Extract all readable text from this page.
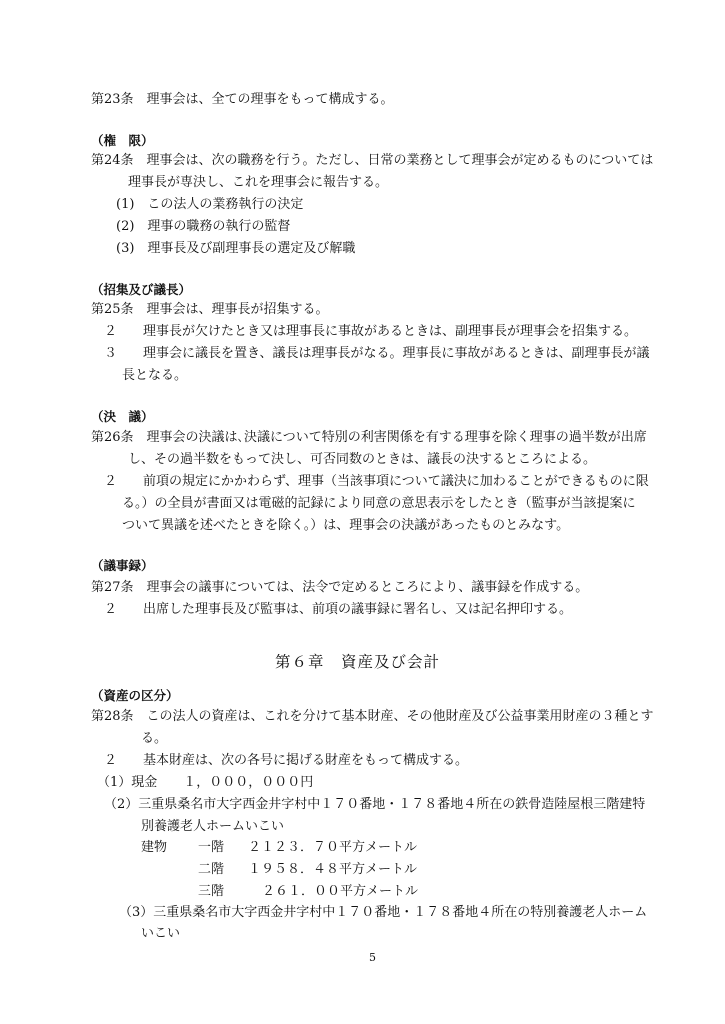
第23条　理事会は、全ての理事をもって構成する。
（権　限）
第24条　理事会は、次の職務を行う。ただし、日常の業務として理事会が定めるものについては
理事長が専決し、これを理事会に報告する。
(1)　この法人の業務執行の決定
(2)　理事の職務の執行の監督
(3)　理事長及び副理事長の選定及び解職
（招集及び議長）
第25条　理事会は、理事長が招集する。
２　　理事長が欠けたとき又は理事長に事故があるときは、副理事長が理事会を招集する。
３　　理事会に議長を置き、議長は理事長がなる。理事長に事故があるときは、副理事長が議
長となる。
（決　議）
第26条　理事会の決議は､決議について特別の利害関係を有する理事を除く理事の過半数が出席
し、その過半数をもって決し、可否同数のときは、議長の決するところによる。
２　　前項の規定にかかわらず、理事（当該事項について議決に加わることができるものに限
る。）の全員が書面又は電磁的記録により同意の意思表示をしたとき（監事が当該提案に
ついて異議を述べたときを除く。）は、理事会の決議があったものとみなす。
（議事録）
第27条　理事会の議事については、法令で定めるところにより、議事録を作成する。
２　　出席した理事長及び監事は、前項の議事録に署名し、又は記名押印する。
第６章　資産及び会計
（資産の区分）
第28条　この法人の資産は、これを分けて基本財産、その他財産及び公益事業用財産の３種とす
る。
２　　基本財産は、次の各号に掲げる財産をもって構成する。
（1）現金　　１，０００，０００円
（2）三重県桑名市大字西金井字村中１７０番地・１７８番地４所在の鉄骨造陸屋根三階建特
別養護老人ホームいこい
建物 一階 ２１２３．７０平方メートル
二階 １９５８．４８平方メートル
三階	２６１．００平方メートル
（3）三重県桑名市大字西金井字村中１７０番地・１７８番地４所在の特別養護老人ホーム
いこい
5
